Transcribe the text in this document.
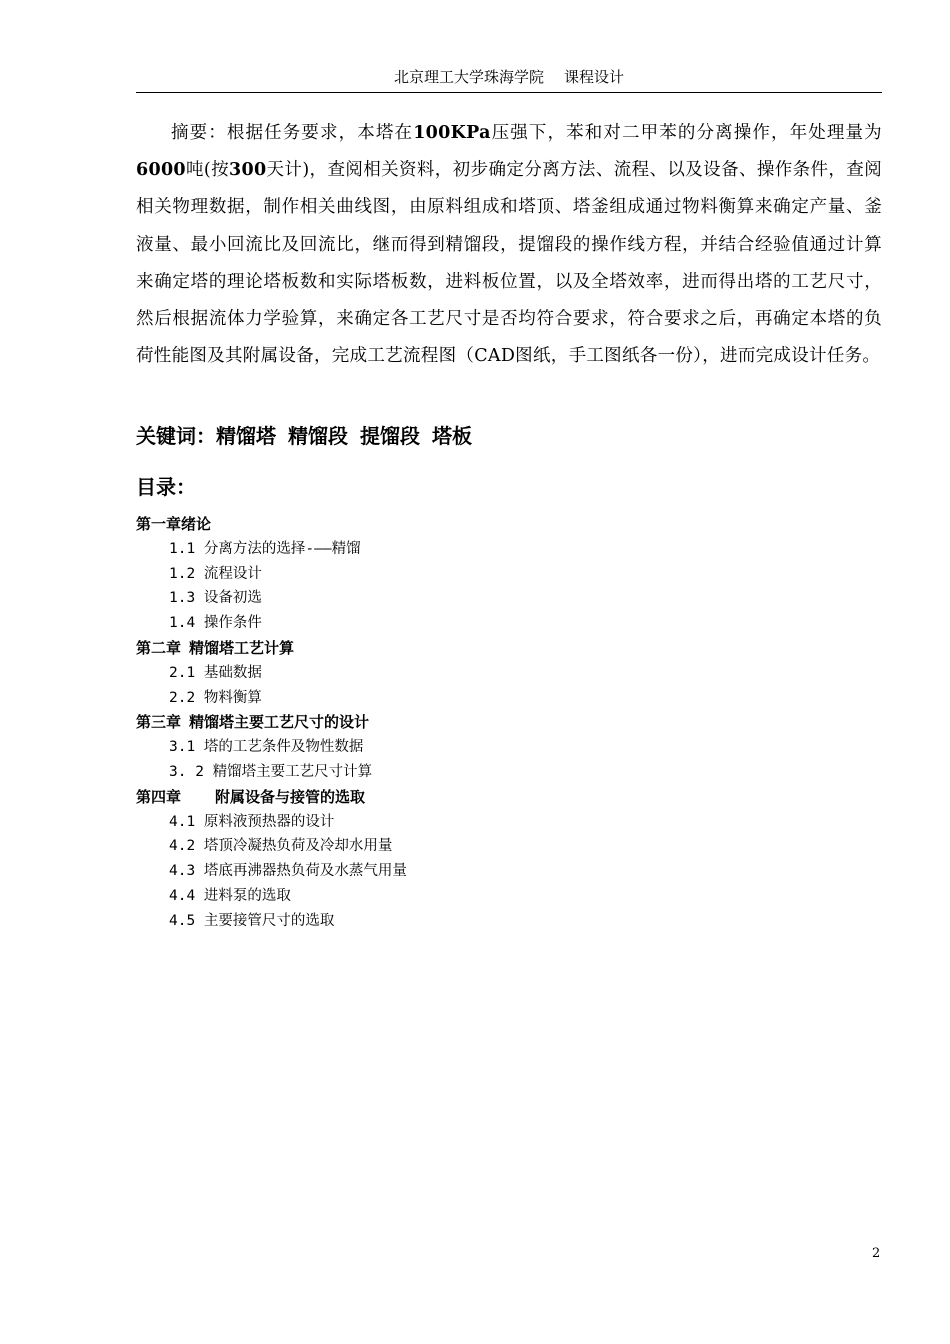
北京理工大学珠海学院 课程设计
摘要：根据任务要求，本塔在100KPa压强下，苯和对二甲苯的分离操作，年处理量为6000吨(按300天计)，查阅相关资料，初步确定分离方法、流程、以及设备、操作条件，查阅相关物理数据，制作相关曲线图，由原料组成和塔顶、塔釜组成通过物料衡算来确定产量、釜液量、最小回流比及回流比，继而得到精馏段，提馏段的操作线方程，并结合经验值通过计算来确定塔的理论塔板数和实际塔板数，进料板位置，以及全塔效率，进而得出塔的工艺尺寸，然后根据流体力学验算，来确定各工艺尺寸是否均符合要求，符合要求之后，再确定本塔的负荷性能图及其附属设备，完成工艺流程图（CAD图纸，手工图纸各一份），进而完成设计任务。
关键词：精馏塔 精馏段 提馏段 塔板
目录：
第一章绪论
1.1 分离方法的选择-——精馏
1.2 流程设计
1.3 设备初选
1.4 操作条件
第二章 精馏塔工艺计算
2.1 基础数据
2.2 物料衡算
第三章 精馏塔主要工艺尺寸的设计
3.1 塔的工艺条件及物性数据
3. 2 精馏塔主要工艺尺寸计算
第四章 附属设备与接管的选取
4.1 原料液预热器的设计
4.2 塔顶冷凝热负荷及冷却水用量
4.3 塔底再沸器热负荷及水蒸气用量
4.4 进料泵的选取
4.5 主要接管尺寸的选取
2
